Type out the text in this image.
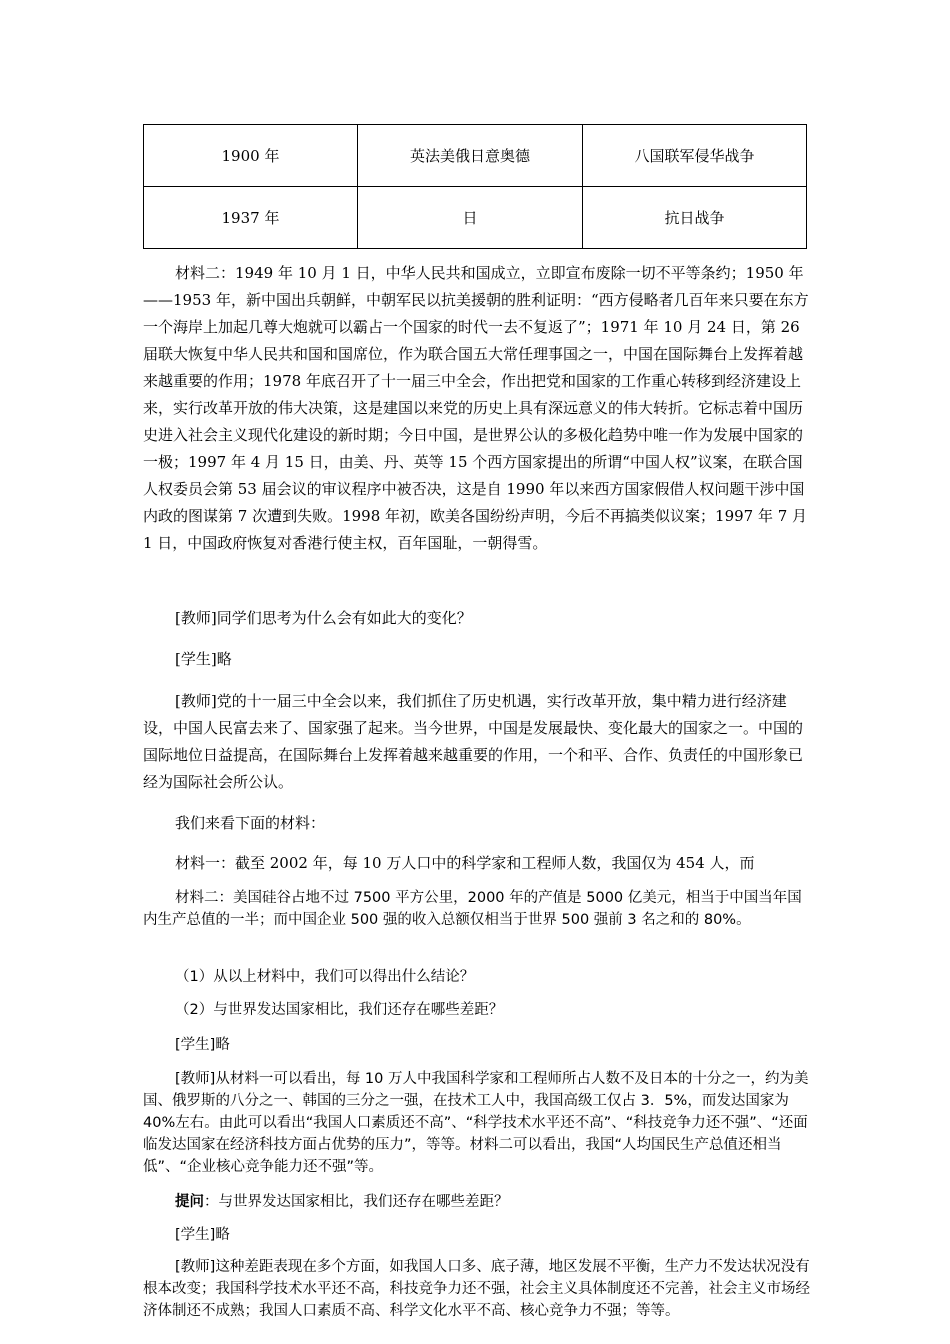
1900 年	英法美俄日意奥德	八国联军侵华战争
1937 年	日	抗日战争

材料二：1949 年 10 月 1 日，中华人民共和国成立，立即宣布废除一切不平等条约；1950 年——1953 年，新中国出兵朝鲜，中朝军民以抗美援朝的胜利证明：“西方侵略者几百年来只要在东方一个海岸上加起几尊大炮就可以霸占一个国家的时代一去不复返了”；1971 年 10 月 24 日，第 26 届联大恢复中华人民共和国和国席位，作为联合国五大常任理事国之一，中国在国际舞台上发挥着越来越重要的作用；1978 年底召开了十一届三中全会，作出把党和国家的工作重心转移到经济建设上来，实行改革开放的伟大决策，这是建国以来党的历史上具有深远意义的伟大转折。它标志着中国历史进入社会主义现代化建设的新时期；今日中国，是世界公认的多极化趋势中唯一作为发展中国家的一极；1997 年 4 月 15 日，由美、丹、英等 15 个西方国家提出的所谓“中国人权”议案，在联合国人权委员会第 53 届会议的审议程序中被否决，这是自 1990 年以来西方国家假借人权问题干涉中国内政的图谋第 7 次遭到失败。1998 年初，欧美各国纷纷声明，今后不再搞类似议案；1997 年 7 月 1 日，中国政府恢复对香港行使主权，百年国耻，一朝得雪。

[教师]同学们思考为什么会有如此大的变化？

[学生]略

[教师]党的十一届三中全会以来，我们抓住了历史机遇，实行改革开放，集中精力进行经济建设，中国人民富去来了、国家强了起来。当今世界，中国是发展最快、变化最大的国家之一。中国的国际地位日益提高，在国际舞台上发挥着越来越重要的作用，一个和平、合作、负责任的中国形象已经为国际社会所公认。

我们来看下面的材料：

材料一：截至 2002 年，每 10 万人口中的科学家和工程师人数，我国仅为 454 人，而

材料二：美国硅谷占地不过 7500 平方公里，2000 年的产值是 5000 亿美元，相当于中国当年国内生产总值的一半；而中国企业 500 强的收入总额仅相当于世界 500 强前 3 名之和的 80%。

（1）从以上材料中，我们可以得出什么结论？

（2）与世界发达国家相比，我们还存在哪些差距？

[学生]略

[教师]从材料一可以看出，每 10 万人中我国科学家和工程师所占人数不及日本的十分之一，约为美国、俄罗斯的八分之一、韩国的三分之一强，在技术工人中，我国高级工仅占 3．5%，而发达国家为 40%左右。由此可以看出“我国人口素质还不高”、“科学技术水平还不高”、“科技竞争力还不强”、“还面临发达国家在经济科技方面占优势的压力”，等等。材料二可以看出，我国“人均国民生产总值还相当低”、“企业核心竞争能力还不强”等。

提问：与世界发达国家相比，我们还存在哪些差距？

[学生]略

[教师]这种差距表现在多个方面，如我国人口多、底子薄，地区发展不平衡，生产力不发达状况没有根本改变；我国科学技术水平还不高，科技竞争力还不强，社会主义具体制度还不完善，社会主义市场经济体制还不成熟；我国人口素质不高、科学文化水平不高、核心竞争力不强；等等。
